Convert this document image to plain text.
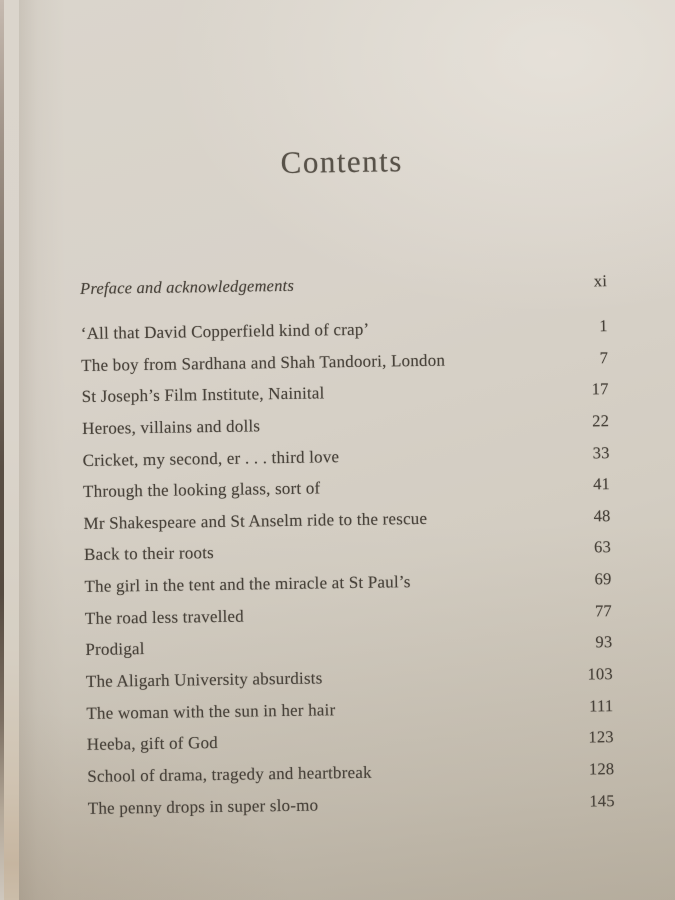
Contents
Preface and acknowledgements	xi
‘All that David Copperfield kind of crap’	1
The boy from Sardhana and Shah Tandoori, London	7
St Joseph’s Film Institute, Nainital	17
Heroes, villains and dolls	22
Cricket, my second, er . . . third love	33
Through the looking glass, sort of	41
Mr Shakespeare and St Anselm ride to the rescue	48
Back to their roots	63
The girl in the tent and the miracle at St Paul’s	69
The road less travelled	77
Prodigal	93
The Aligarh University absurdists	103
The woman with the sun in her hair	111
Heeba, gift of God	123
School of drama, tragedy and heartbreak	128
The penny drops in super slo-mo	145
